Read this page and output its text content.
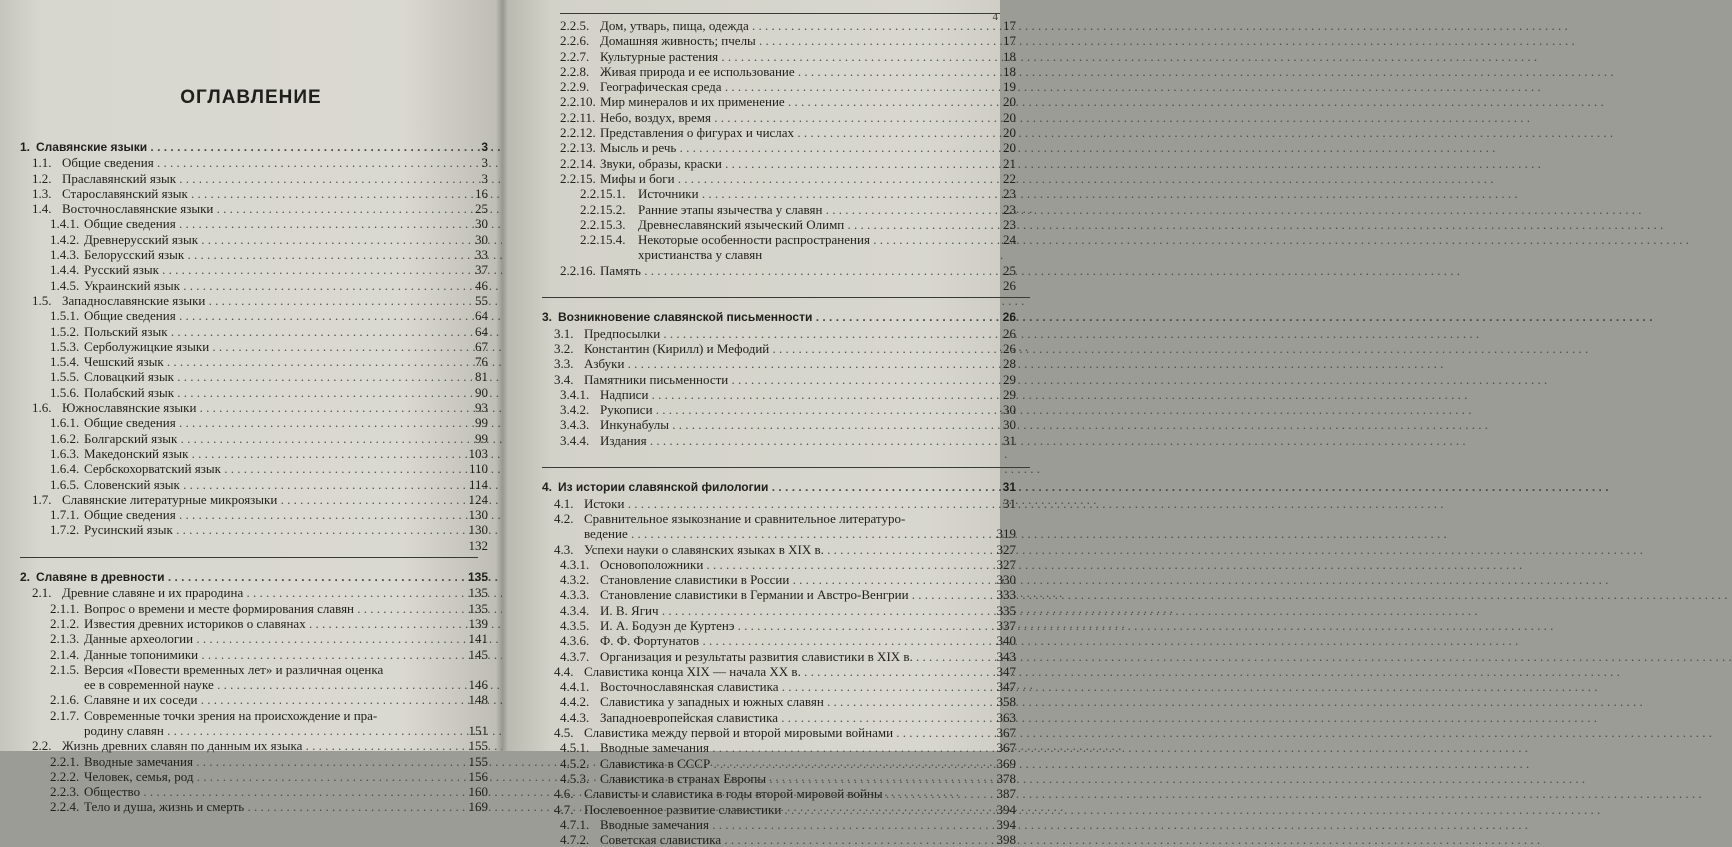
ОГЛАВЛЕНИЕ
1. Славянские языки . . .	3
1.1. Общие сведения . . .	3
1.2. Праславянский язык . . .	3
1.3. Старославянский язык . . .	16
1.4. Восточнославянские языки . . .	25
1.4.1. Общие сведения . . .	30
1.4.2. Древнерусский язык . . .	30
1.4.3. Белорусский язык . . .	33
1.4.4. Русский язык . . .	37
1.4.5. Украинский язык . . .	46
1.5. Западнославянские языки . . .	55
1.5.1. Общие сведения . . .	64
1.5.2. Польский язык . . .	64
1.5.3. Серболужицкие языки . . .	67
1.5.4. Чешский язык . . .	76
1.5.5. Словацкий язык . . .	81
1.5.6. Полабский язык . . .	90
1.6. Южнославянские языки . . .	93
1.6.1. Общие сведения . . .	99
1.6.2. Болгарский язык . . .	99
1.6.3. Македонский язык . . .	103
1.6.4. Сербскохорватский язык . . .	110
1.6.5. Словенский язык . . .	114
1.7. Славянские литературные микроязыки . . .	124
1.7.1. Общие сведения . . .	130
1.7.2. Русинский язык . . .	130
132
2. Славяне в древности . . .	135
2.1. Древние славяне и их прародина . . .	135
2.1.1. Вопрос о времени и месте формирования славян . . .	135
2.1.2. Известия древних историков о славянах . . .	139
2.1.3. Данные археологии . . .	141
2.1.4. Данные топонимики . . .	145
2.1.5. Версия «Повести временных лет» и различная оценка
ее в современной науке . . .	146
2.1.6. Славяне и их соседи . . .	148
2.1.7. Современные точки зрения на происхождение и пра-
родину славян . . .	151
2.2. Жизнь древних славян по данным их языка . . .	155
2.2.1. Вводные замечания . . .	155
2.2.2. Человек, семья, род . . .	156
2.2.3. Общество . . .	160
2.2.4. Тело и душа, жизнь и смерть . . .	169
4
2.2.5. Дом, утварь, пища, одежда . . .	17
2.2.6. Домашняя живность; пчелы . . .	17
2.2.7. Культурные растения . . .	18
2.2.8. Живая природа и ее использование . . .	18
2.2.9. Географическая среда . . .	19
2.2.10. Мир минералов и их применение . . .	20
2.2.11. Небо, воздух, время . . .	20
2.2.12. Представления о фигурах и числах . . .	20
2.2.13. Мысль и речь . . .	20
2.2.14. Звуки, образы, краски . . .	21
2.2.15. Мифы и боги . . .	22
2.2.15.1. Источники . . .	23
2.2.15.2. Ранние этапы язычества у славян . . .	23
2.2.15.3. Древнеславянский языческий Олимп . . .	23
2.2.15.4. Некоторые особенности распространения . . .	24
христианства у славян
2.2.16. Память . . .	25
26
3. Возникновение славянской письменности . . .	26
3.1. Предпосылки . . .	26
3.2. Константин (Кирилл) и Мефодий . . .	26
3.3. Азбуки . . .	28
3.4. Памятники письменности . . .	29
3.4.1. Надписи . . .	29
3.4.2. Рукописи . . .	30
3.4.3. Инкунабулы . . .	30
3.4.4. Издания . . .	31
4. Из истории славянской филологии . . .	31
4.1. Истоки . . .	31
4.2. Сравнительное языкознание и сравнительное литературо-
ведение . . .	319
4.3. Успехи науки о славянских языках в XIX в. . . .	327
4.3.1. Основоположники . . .	327
4.3.2. Становление славистики в России . . .	330
4.3.3. Становление славистики в Германии и Австро-Венгрии . . .	333
4.3.4. И. В. Ягич . . .	335
4.3.5. И. А. Бодуэн де Куртенэ . . .	337
4.3.6. Ф. Ф. Фортунатов . . .	340
4.3.7. Организация и результаты развития славистики в XIX в. . . .	343
4.4. Славистика конца XIX — начала XX в. . . .	347
4.4.1. Восточнославянская славистика . . .	347
4.4.2. Славистика у западных и южных славян . . .	358
4.4.3. Западноевропейская славистика . . .	363
4.5. Славистика между первой и второй мировыми войнами . . .	367
4.5.1. Вводные замечания . . .	367
4.5.2. Славистика в СССР . . .	369
4.5.3. Славистика в странах Европы . . .	378
4.6. Слависты и славистика в годы второй мировой войны . . .	387
4.7. Послевоенное развитие славистики . . .	394
4.7.1. Вводные замечания . . .	394
4.7.2. Советская славистика . . .	398
